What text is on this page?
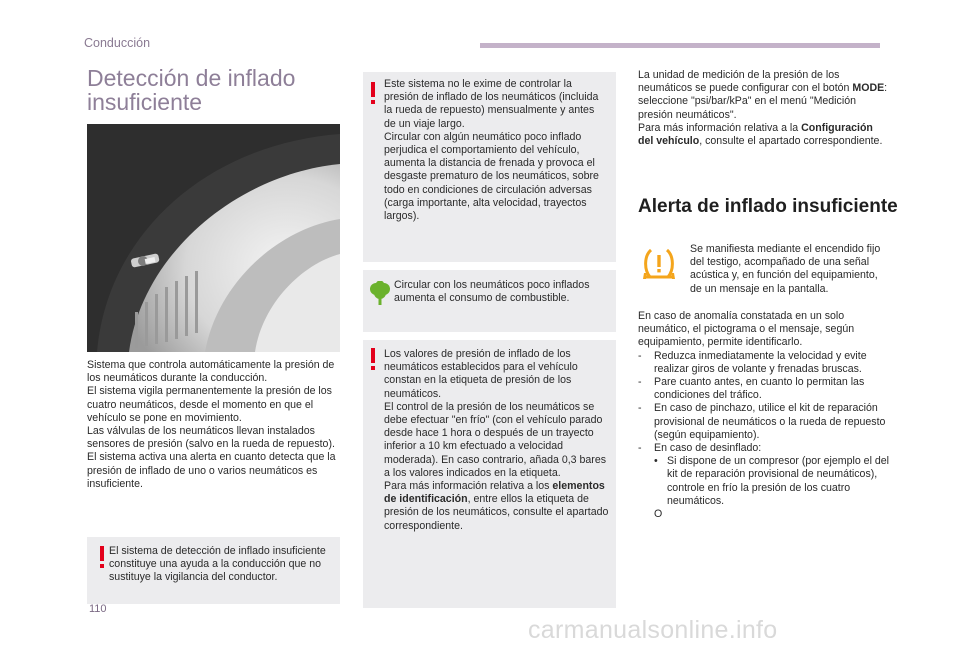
Conducción
Detección de inflado insuficiente

Sistema que controla automáticamente la presión de los neumáticos durante la conducción.

El sistema vigila permanentemente la presión de los cuatro neumáticos, desde el momento en que el vehículo se pone en movimiento.

Las válvulas de los neumáticos llevan instalados sensores de presión (salvo en la rueda de repuesto).

El sistema activa una alerta en cuanto detecta que la presión de inflado de uno o varios neumáticos es insuficiente.

El sistema de detección de inflado insuficiente constituye una ayuda a la conducción que no sustituye la vigilancia del conductor.

Este sistema no le exime de controlar la presión de inflado de los neumáticos (incluida la rueda de repuesto) mensualmente y antes de un viaje largo.

Circular con algún neumático poco inflado perjudica el comportamiento del vehículo, aumenta la distancia de frenada y provoca el desgaste prematuro de los neumáticos, sobre todo en condiciones de circulación adversas (carga importante, alta velocidad, trayectos largos).

Circular con los neumáticos poco inflados aumenta el consumo de combustible.

Los valores de presión de inflado de los neumáticos establecidos para el vehículo constan en la etiqueta de presión de los neumáticos.

El control de la presión de los neumáticos se debe efectuar "en frío" (con el vehículo parado desde hace 1 hora o después de un trayecto inferior a 10 km efectuado a velocidad moderada). En caso contrario, añada 0,3 bares a los valores indicados en la etiqueta.

Para más información relativa a los elementos de identificación, entre ellos la etiqueta de presión de los neumáticos, consulte el apartado correspondiente.

La unidad de medición de la presión de los neumáticos se puede configurar con el botón MODE: seleccione "psi/bar/kPa" en el menú "Medición presión neumáticos".

Para más información relativa a la Configuración del vehículo, consulte el apartado correspondiente.

Alerta de inflado insuficiente
Se manifiesta mediante el encendido fijo del testigo, acompañado de una señal acústica y, en función del equipamiento, de un mensaje en la pantalla.

En caso de anomalía constatada en un solo neumático, el pictograma o el mensaje, según equipamiento, permite identificarlo.

-	Reduzca inmediatamente la velocidad y evite realizar giros de volante y frenadas bruscas.
-	Pare cuanto antes, en cuanto lo permitan las condiciones del tráfico.
-	En caso de pinchazo, utilice el kit de reparación provisional de neumáticos o la rueda de repuesto (según equipamiento).
-	En caso de desinflado:
• Si dispone de un compresor (por ejemplo el del kit de reparación provisional de neumáticos), controle en frío la presión de los cuatro neumáticos.
O
110
carmanualsonline.info
